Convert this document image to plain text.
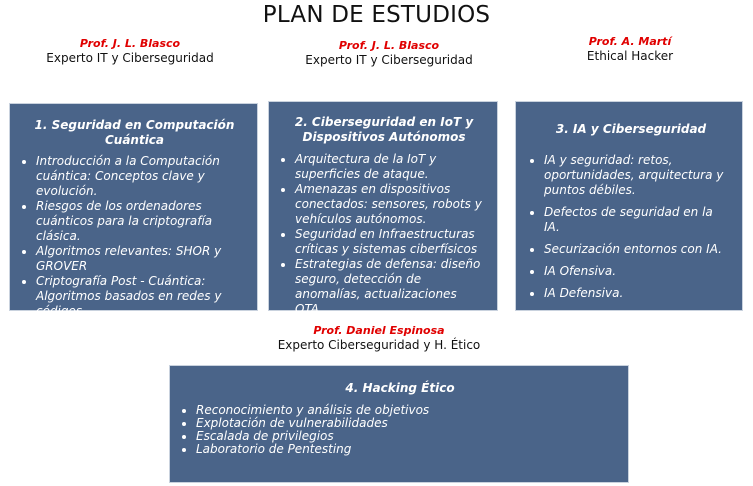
PLAN DE ESTUDIOS
Prof. J. L. Blasco
Experto IT y Ciberseguridad
Prof. J. L. Blasco
Experto IT y Ciberseguridad
Prof. A. Martí
Ethical Hacker
Prof. Daniel Espinosa
Experto Ciberseguridad y H. Ético
1. Seguridad en Computación Cuántica
• Introducción a la Computación cuántica: Conceptos clave y evolución.
• Riesgos de los ordenadores cuánticos para la criptografía clásica.
• Algoritmos relevantes: SHOR y GROVER
• Criptografía Post - Cuántica: Algoritmos basados en redes y códigos
2. Ciberseguridad en IoT y Dispositivos Autónomos
• Arquitectura de la IoT y superficies de ataque.
• Amenazas en dispositivos conectados: sensores, robots y vehículos autónomos.
• Seguridad en Infraestructuras críticas y sistemas ciberfísicos
• Estrategias de defensa: diseño seguro, detección de anomalías, actualizaciones OTA.
3. IA y Ciberseguridad
• IA y seguridad: retos, oportunidades, arquitectura y puntos débiles.
• Defectos de seguridad en la IA.
• Securización entornos con IA.
• IA Ofensiva.
• IA Defensiva.
4. Hacking Ético
• Reconocimiento y análisis de objetivos
• Explotación de vulnerabilidades
• Escalada de privilegios
• Laboratorio de Pentesting
